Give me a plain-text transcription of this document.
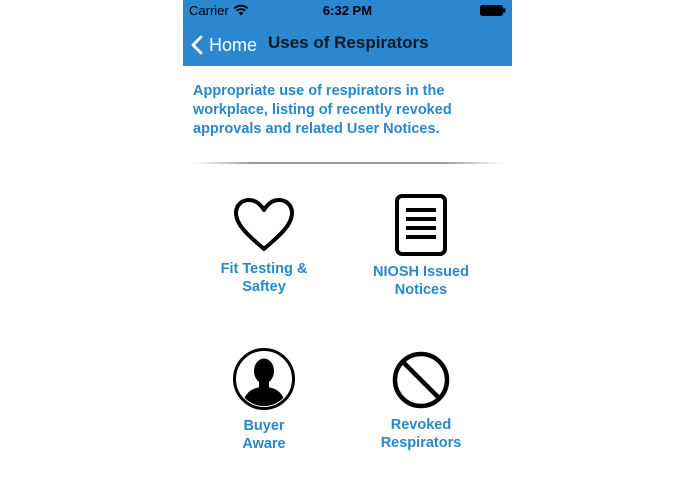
Carrier	6:32 PM
Home Uses of Respirators
Appropriate use of respirators in the
workplace, listing of recently revoked
approvals and related User Notices.
Fit Testing &
Saftey
NIOSH Issued
Notices
Buyer
Aware
Revoked
Respirators
